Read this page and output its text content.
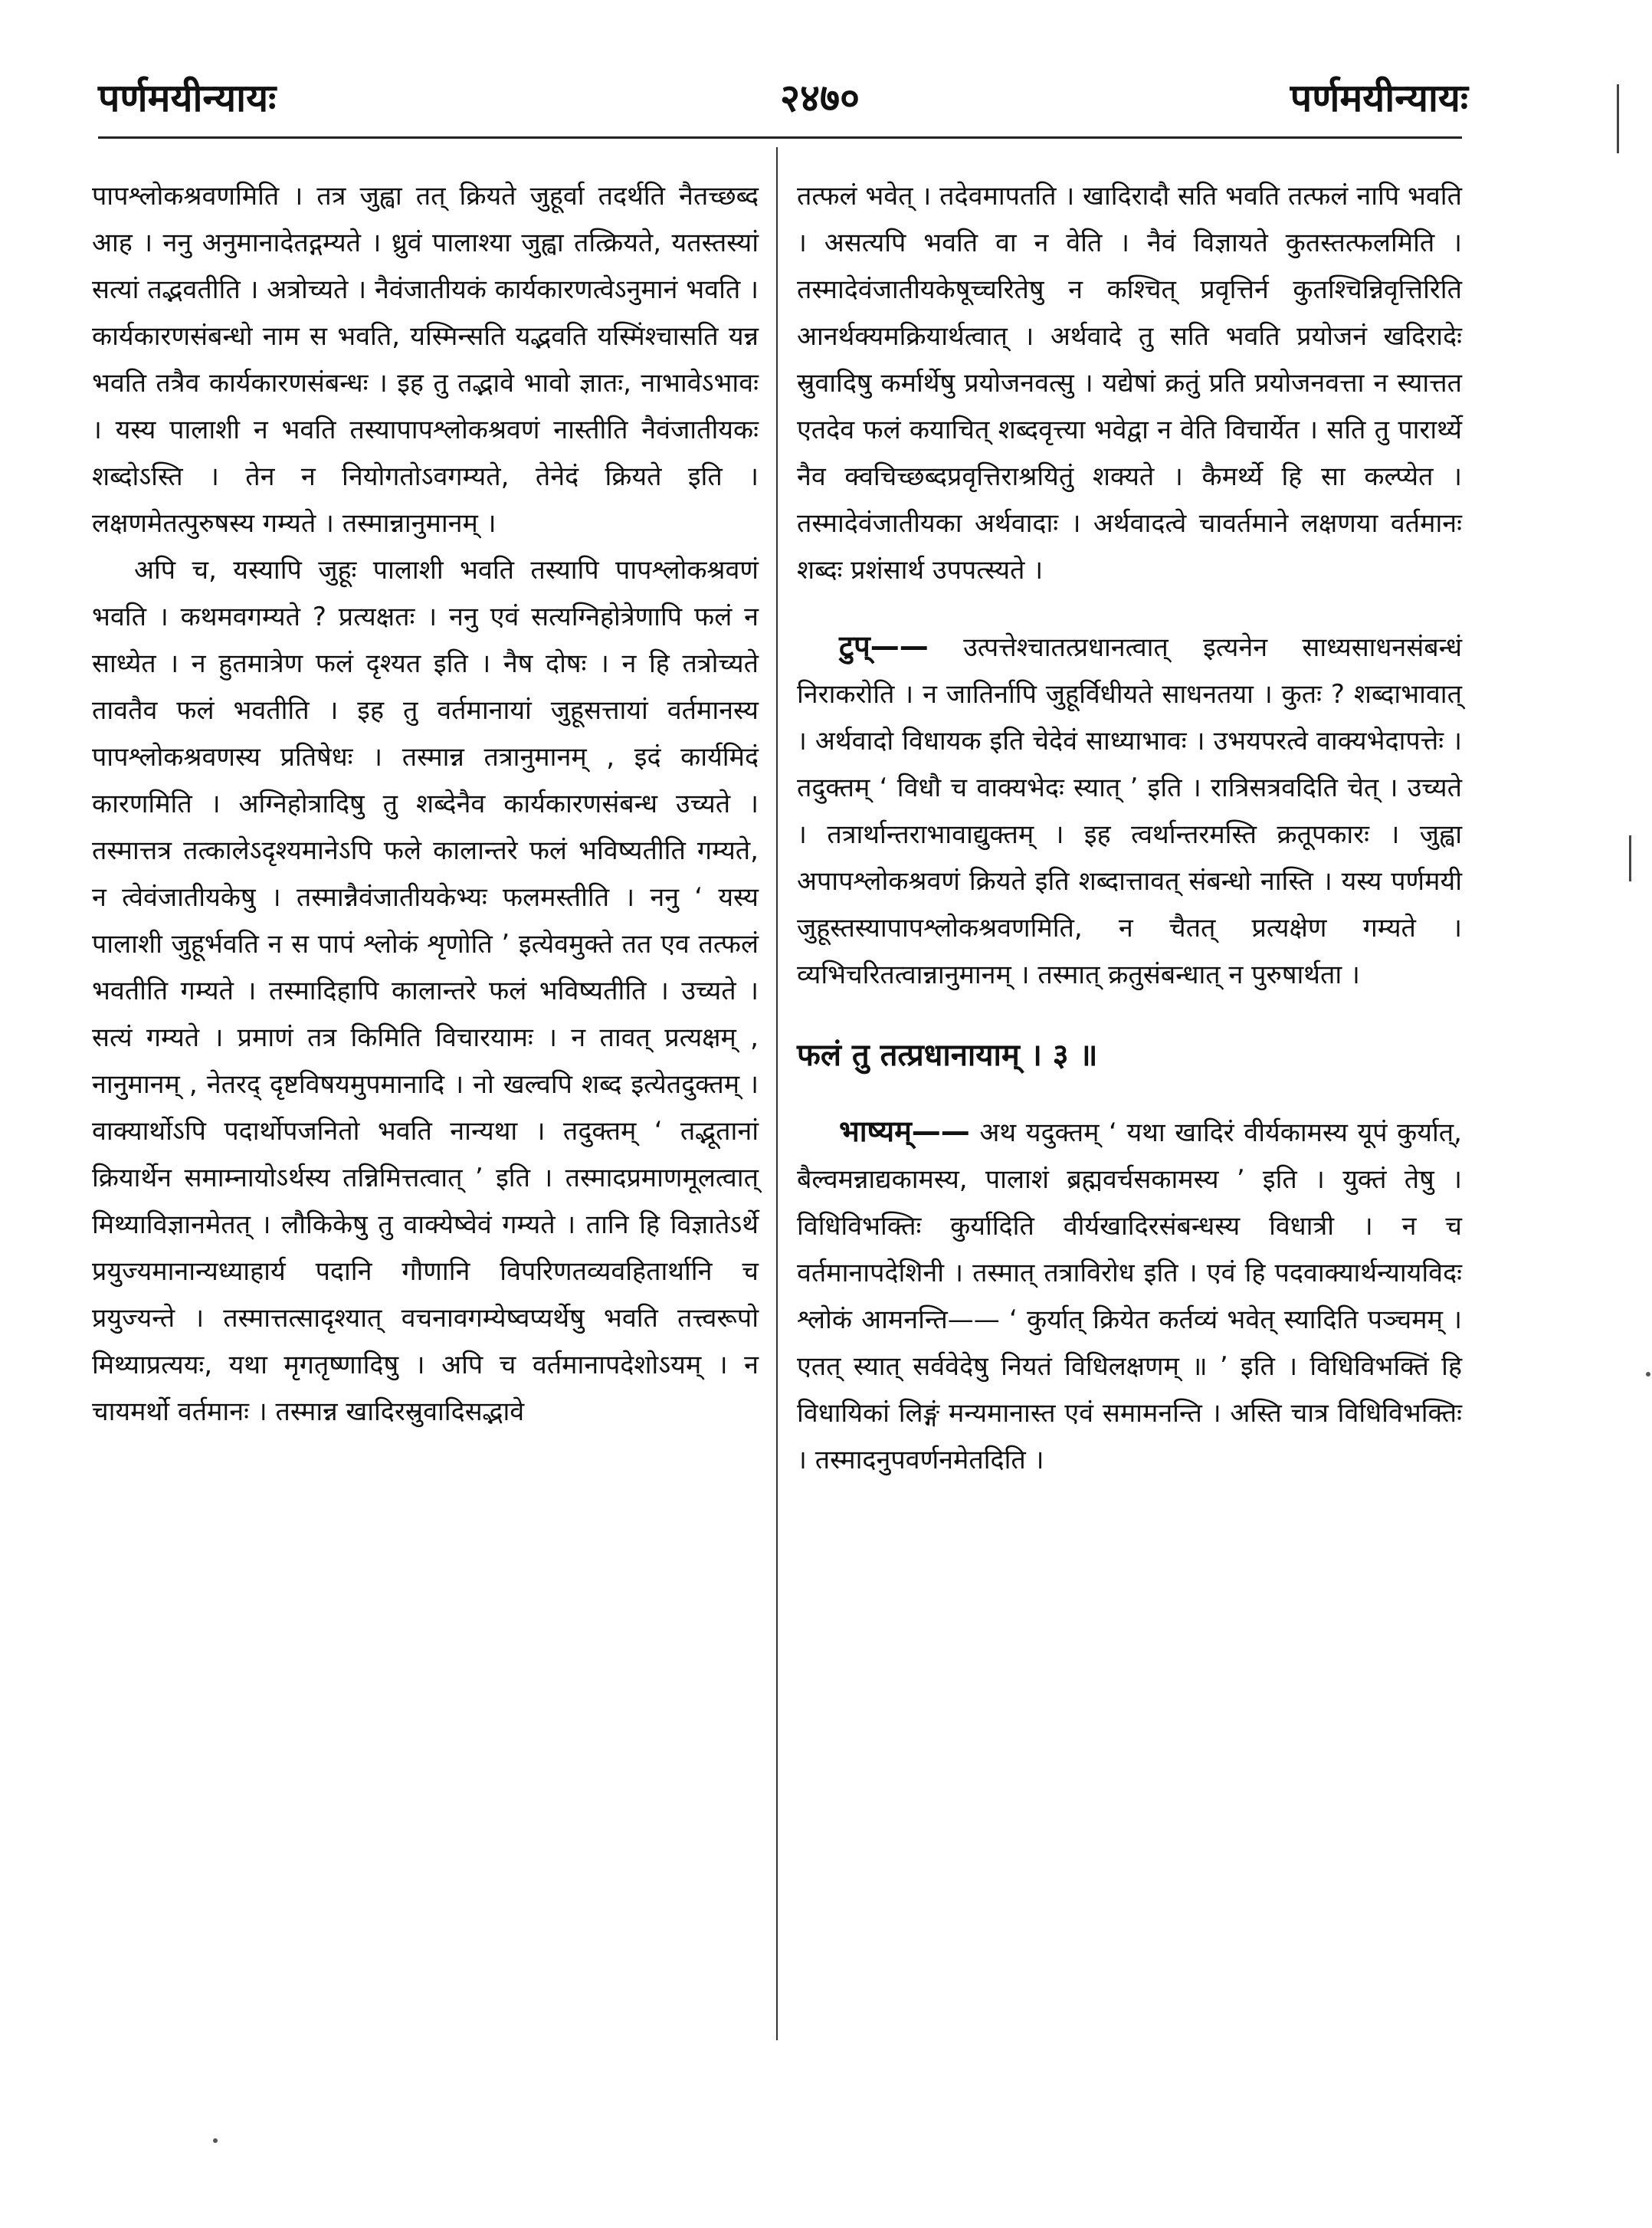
पर्णमयीन्यायः	२४७०	पर्णमयीन्यायः

पापश्लोकश्रवणमिति । तत्र जुह्वा तत् क्रियते जुहूर्वा तदर्थति नैतच्छब्द आह । ननु अनुमानादेतद्गम्यते । ध्रुवं पालाश्या जुह्वा तत्क्रियते, यतस्तस्यां सत्यां तद्भवतीति । अत्रोच्यते । नैवंजातीयकं कार्यकारणत्वेऽनुमानं भवति । कार्यकारणसंबन्धो नाम स भवति, यस्मिन्सति यद्भवति यस्मिंश्चासति यन्न भवति तत्रैव कार्यकारणसंबन्धः । इह तु तद्भावे भावो ज्ञातः, नाभावेऽभावः । यस्य पालाशी न भवति तस्यापापश्लोकश्रवणं नास्तीति नैवंजातीयकः शब्दोऽस्ति । तेन न नियोगतोऽवगम्यते, तेनेदं क्रियते इति । लक्षणमेतत्पुरुषस्य गम्यते । तस्मान्नानुमानम् ।

अपि च, यस्यापि जुहूः पालाशी भवति तस्यापि पापश्लोकश्रवणं भवति । कथमवगम्यते ? प्रत्यक्षतः । ननु एवं सत्यग्निहोत्रेणापि फलं न साध्येत । न हुतमात्रेण फलं दृश्यत इति । नैष दोषः । न हि तत्रोच्यते तावतैव फलं भवतीति । इह तु वर्तमानायां जुहूसत्तायां वर्तमानस्य पापश्लोकश्रवणस्य प्रतिषेधः । तस्मान्न तत्रानुमानम् , इदं कार्यमिदं कारणमिति । अग्निहोत्रादिषु तु शब्देनैव कार्यकारणसंबन्ध उच्यते । तस्मात्तत्र तत्कालेऽदृश्यमानेऽपि फले कालान्तरे फलं भविष्यतीति गम्यते, न त्वेवंजातीयकेषु । तस्मान्नैवंजातीयकेभ्यः फलमस्तीति । ननु ‘ यस्य पालाशी जुहूर्भवति न स पापं श्लोकं शृणोति ’ इत्येवमुक्ते तत एव तत्फलं भवतीति गम्यते । तस्मादिहापि कालान्तरे फलं भविष्यतीति । उच्यते । सत्यं गम्यते । प्रमाणं तत्र किमिति विचारयामः । न तावत् प्रत्यक्षम् , नानुमानम् , नेतरद् दृष्टविषयमुपमानादि । नो खल्वपि शब्द इत्येतदुक्तम् । वाक्यार्थोऽपि पदार्थोपजनितो भवति नान्यथा । तदुक्तम् ‘ तद्भूतानां क्रियार्थेन समाम्नायोऽर्थस्य तन्निमित्तत्वात् ’ इति । तस्मादप्रमाणमूलत्वात् मिथ्याविज्ञानमेतत् । लौकिकेषु तु वाक्येष्वेवं गम्यते । तानि हि विज्ञातेऽर्थे प्रयुज्यमानान्यध्याहार्य पदानि गौणानि विपरिणतव्यवहितार्थानि च प्रयुज्यन्ते । तस्मात्तत्सादृश्यात् वचनावगम्येष्वप्यर्थेषु भवति तत्त्वरूपो मिथ्याप्रत्ययः, यथा मृगतृष्णादिषु । अपि च वर्तमानापदेशोऽयम् । न चायमर्थो वर्तमानः । तस्मान्न खादिरस्रुवादिसद्भावे

तत्फलं भवेत् । तदेवमापतति । खादिरादौ सति भवति तत्फलं नापि भवति । असत्यपि भवति वा न वेति । नैवं विज्ञायते कुतस्तत्फलमिति । तस्मादेवंजातीयकेषूच्चरितेषु न कश्चित् प्रवृत्तिर्न कुतश्चिन्निवृत्तिरिति आनर्थक्यमक्रियार्थत्वात् । अर्थवादे तु सति भवति प्रयोजनं खदिरादेः स्रुवादिषु कर्मार्थेषु प्रयोजनवत्सु । यद्येषां क्रतुं प्रति प्रयोजनवत्ता न स्यात्तत एतदेव फलं कयाचित् शब्दवृत्त्या भवेद्वा न वेति विचार्येत । सति तु पारार्थ्ये नैव क्वचिच्छब्दप्रवृत्तिराश्रयितुं शक्यते । कैमर्थ्ये हि सा कल्प्येत । तस्मादेवंजातीयका अर्थवादाः । अर्थवादत्वे चावर्तमाने लक्षणया वर्तमानः शब्दः प्रशंसार्थ उपपत्स्यते ।

टुप्—— उत्पत्तेश्चातत्प्रधानत्वात् इत्यनेन साध्यसाधनसंबन्धं निराकरोति । न जातिर्नापि जुहूर्विधीयते साधनतया । कुतः ? शब्दाभावात् । अर्थवादो विधायक इति चेदेवं साध्याभावः । उभयपरत्वे वाक्यभेदापत्तेः । तदुक्तम् ‘ विधौ च वाक्यभेदः स्यात् ’ इति । रात्रिसत्रवदिति चेत् । उच्यते । तत्रार्थान्तराभावाद्युक्तम् । इह त्वर्थान्तरमस्ति क्रतूपकारः । जुह्वा अपापश्लोकश्रवणं क्रियते इति शब्दात्तावत् संबन्धो नास्ति । यस्य पर्णमयी जुहूस्तस्यापापश्लोकश्रवणमिति, न चैतत् प्रत्यक्षेण गम्यते । व्यभिचरितत्वान्नानुमानम् । तस्मात् क्रतुसंबन्धात् न पुरुषार्थता ।

फलं तु तत्प्रधानायाम् । ३ ॥

भाष्यम्—— अथ यदुक्तम् ‘ यथा खादिरं वीर्यकामस्य यूपं कुर्यात्, बैल्वमन्नाद्यकामस्य, पालाशं ब्रह्मवर्चसकामस्य ’ इति । युक्तं तेषु । विधिविभक्तिः कुर्यादिति वीर्यखादिरसंबन्धस्य विधात्री । न च वर्तमानापदेशिनी । तस्मात् तत्राविरोध इति । एवं हि पदवाक्यार्थन्यायविदः श्लोकं आमनन्ति—— ‘ कुर्यात् क्रियेत कर्तव्यं भवेत् स्यादिति पञ्चमम् । एतत् स्यात् सर्ववेदेषु नियतं विधिलक्षणम् ॥ ’ इति । विधिविभक्तिं हि विधायिकां लिङ्गं मन्यमानास्त एवं समामनन्ति । अस्ति चात्र विधिविभक्तिः । तस्मादनुपवर्णनमेतदिति ।
